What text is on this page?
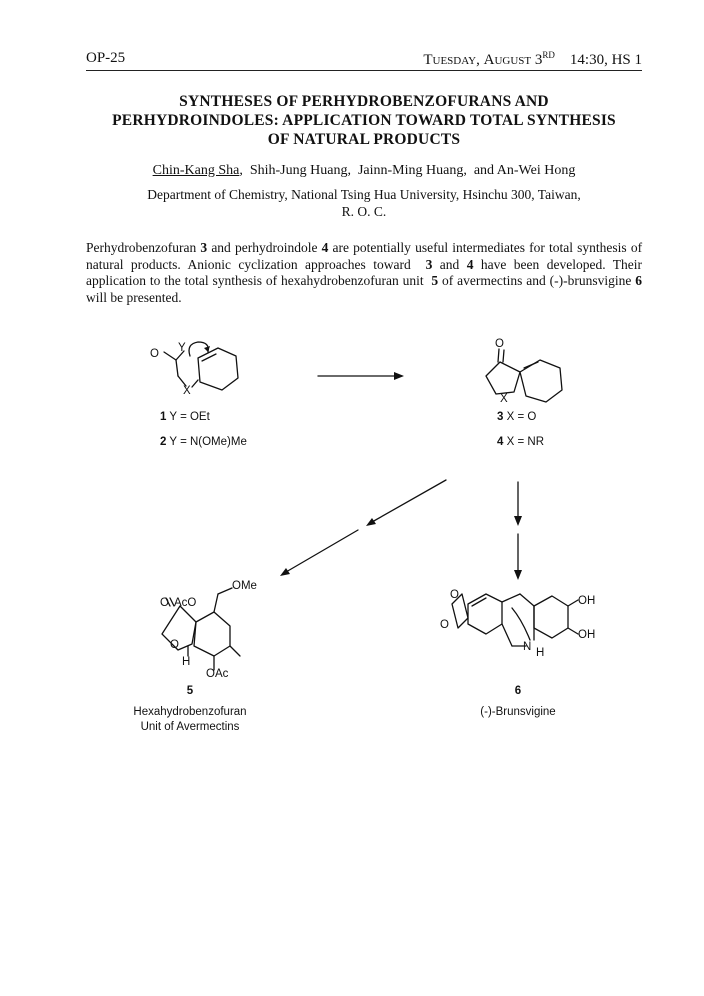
OP-25	Tuesday, August 3RD 14:30, HS 1
SYNTHESES OF PERHYDROBENZOFURANS AND
PERHYDROINDOLES: APPLICATION TOWARD TOTAL SYNTHESIS
OF NATURAL PRODUCTS
Chin-Kang Sha,  Shih-Jung Huang,  Jainn-Ming Huang,  and An-Wei Hong
Department of Chemistry, National Tsing Hua University, Hsinchu 300, Taiwan,
R. O. C.
Perhydrobenzofuran 3 and perhydroindole 4 are potentially useful intermediates for total synthesis of natural products. Anionic cyclization approaches toward 3 and 4 have been developed. Their application to the total synthesis of hexahydrobenzofuran unit 5 of avermectins and (-)-brunsvigine 6 will be presented.
O Y
X
O
X
O AcO
OMe
O
H
OAc
O
O
N H
OH
OH
1 Y = OEt
2 Y = N(OMe)Me
3 X = O
4 X = NR
5
Hexahydrobenzofuran
Unit of Avermectins
6
(-)-Brunsvigine
